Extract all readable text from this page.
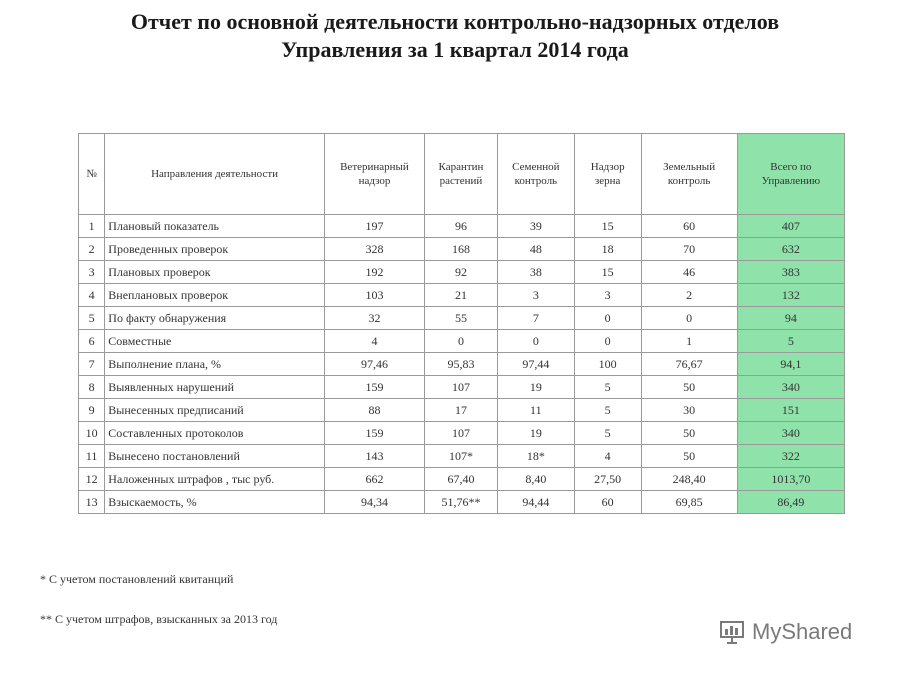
Отчет по основной деятельности контрольно-надзорных отделов
Управления за 1 квартал 2014 года
№	Направления деятельности	Ветеринарный надзор	Карантин растений	Семенной контроль	Надзор зерна	Земельный контроль	Всего по Управлению
1	Плановый показатель	197	96	39	15	60	407
2	Проведенных проверок	328	168	48	18	70	632
3	Плановых проверок	192	92	38	15	46	383
4	Внеплановых проверок	103	21	3	3	2	132
5	По факту обнаружения	32	55	7	0	0	94
6	Совместные	4	0	0	0	1	5
7	Выполнение плана, %	97,46	95,83	97,44	100	76,67	94,1
8	Выявленных нарушений	159	107	19	5	50	340
9	Вынесенных предписаний	88	17	11	5	30	151
10	Составленных протоколов	159	107	19	5	50	340
11	Вынесено постановлений	143	107*	18*	4	50	322
12	Наложенных штрафов , тыс руб.	662	67,40	8,40	27,50	248,40	1013,70
13	Взыскаемость, %	94,34	51,76**	94,44	60	69,85	86,49
* С учетом постановлений квитанций
** С учетом штрафов, взысканных за 2013 год	MyShared
